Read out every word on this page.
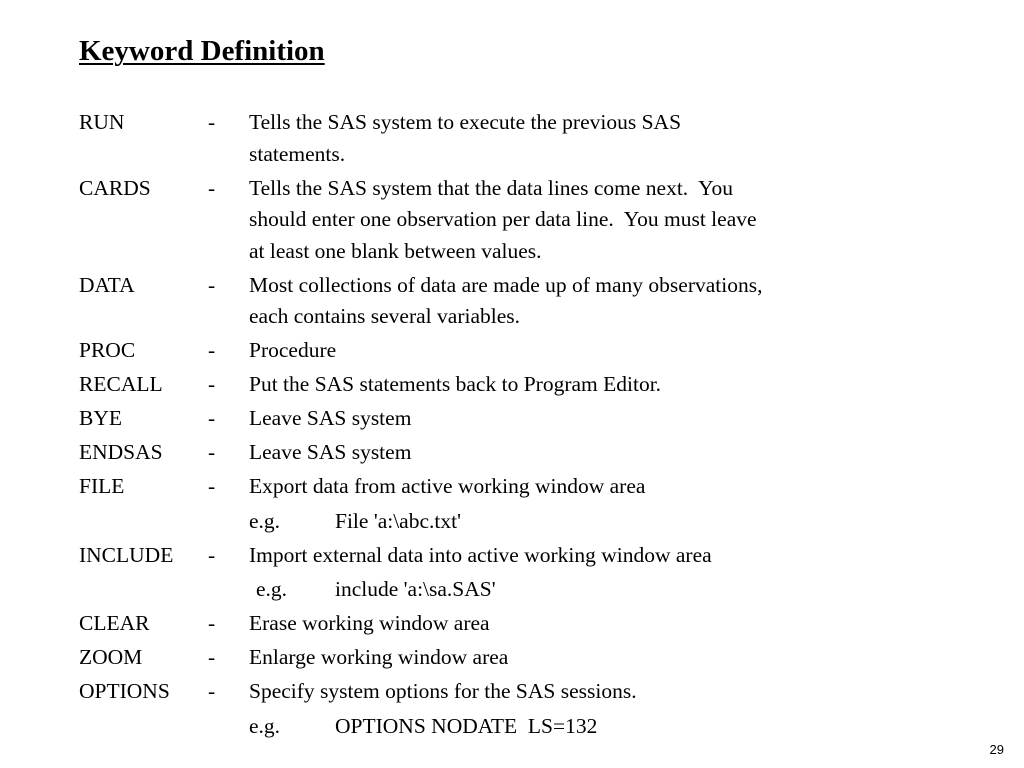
Keyword Definition
RUN	-	Tells the SAS system to execute the previous SAS
statements.
CARDS	-	Tells the SAS system that the data lines come next.  You
should enter one observation per data line.  You must leave
at least one blank between values.
DATA	-	Most collections of data are made up of many observations,
each contains several variables.
PROC	-	Procedure
RECALL	-	Put the SAS statements back to Program Editor.
BYE	-	Leave SAS system
ENDSAS	-	Leave SAS system
FILE	-	Export data from active working window area
e.g.	File 'a:\abc.txt'
INCLUDE	-	Import external data into active working window area
e.g.	include 'a:\sa.SAS'
CLEAR	-	Erase working window area
ZOOM	-	Enlarge working window area
OPTIONS	-	Specify system options for the SAS sessions.
e.g.	OPTIONS NODATE  LS=132
29
